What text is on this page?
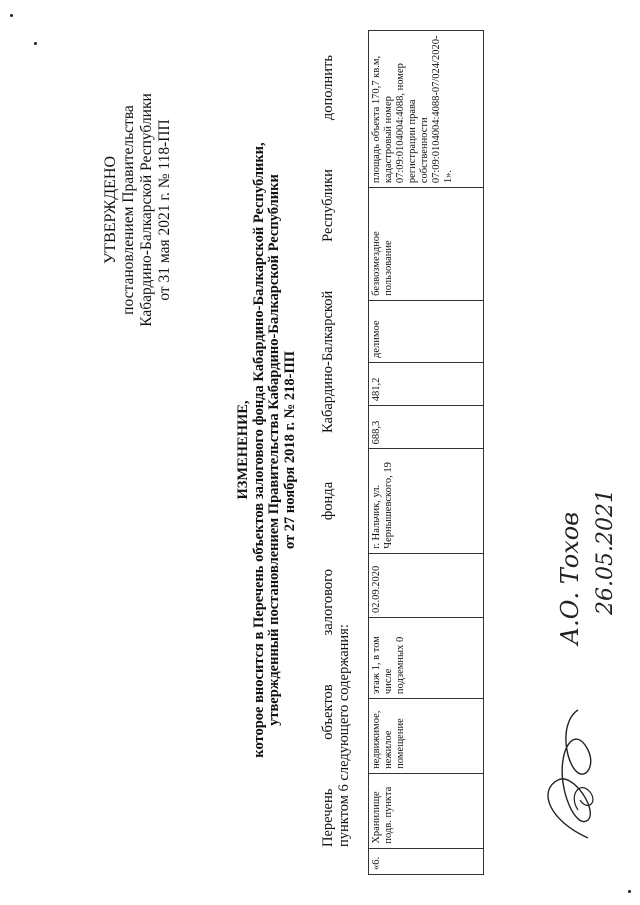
УТВЕРЖДЕНО постановлением Правительства Кабардино-Балкарской Республики от 31 мая 2021 г. № 118-ПП
ИЗМЕНЕНИЕ, которое вносится в Перечень объектов залогового фонда Кабардино-Балкарской Республики, утвержденный постановлением Правительства Кабардино-Балкарской Республики от 27 ноября 2018 г. № 218-ПП
Перечень
объектов
залогового
фонда
Кабардино-Балкарской
Республики
дополнить
пунктом 6 следующего содержания:
«6.	Хранилище подв. пункта	недвижимое, нежилое помещение	этаж 1, в том числе подземных 0	02.09.2020	г. Нальчик, ул. Чернышевского, 19	688,3	481,2	делимое	безвозмездное пользование	площадь объекта 170,7 кв.м, кадастровый номер 07:09:0104004:4088, номер регистрации права собственности 07:09:0104004:4088-07/024/2020-1».
А.О. Тохов 26.05.2021
